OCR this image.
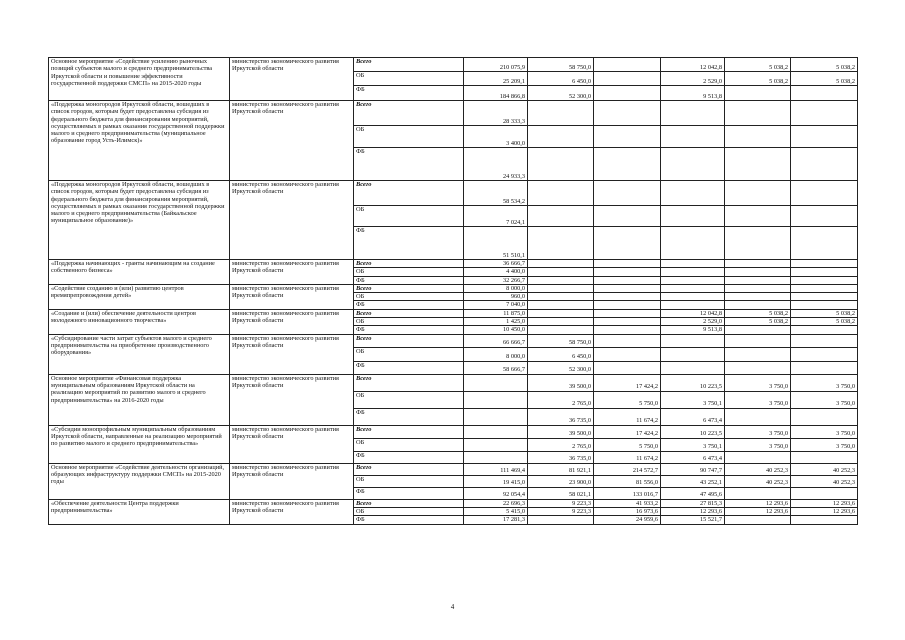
Основное мероприятие «Содействие усилению рыночных позиций субъектов малого и среднего предпринимательства Иркутской области и повышение эффективности государственной поддержки СМСП» на 2015-2020 годы	министерство экономического развития Иркутской области	Всего	210 075,9	58 750,0		12 042,8	5 038,2	5 038,2
		ОБ	25 209,1	6 450,0		2 529,0	5 038,2	5 038,2
		ФБ	184 866,8	52 300,0		9 513,8		
«Поддержка моногородов Иркутской области, вошедших в список городов, которым будет предоставлена субсидия из федерального бюджета для финансирования мероприятий, осуществляемых в рамках оказания государственной поддержки малого и среднего предпринимательства (муниципальное образование город Усть-Илимск)»	министерство экономического развития Иркутской области	Всего	28 333,3					
		ОБ	3 400,0					
		ФБ	24 933,3					
«Поддержка моногородов Иркутской области, вошедших в список городов, которым будет предоставлена субсидия из федерального бюджета для финансирования мероприятий, осуществляемых в рамках оказания государственной поддержки малого и среднего предпринимательства (Байкальское муниципальное образование)»	министерство экономического развития Иркутской области	Всего	58 534,2					
		ОБ	7 024,1					
		ФБ	51 510,1					
«Поддержка начинающих - гранты начинающим на создание собственного бизнеса»	министерство экономического развития Иркутской области	Всего	36 666,7					
		ОБ	4 400,0					
		ФБ	32 266,7					
«Содействие созданию и (или) развитию центров времяпрепровождения детей»	министерство экономического развития Иркутской области	Всего	8 000,0					
		ОБ	960,0					
		ФБ	7 040,0					
«Создание и (или) обеспечение деятельности центров молодежного инновационного творчества»	министерство экономического развития Иркутской области	Всего	11 875,0			12 042,8	5 038,2	5 038,2
		ОБ	1 425,0			2 529,0	5 038,2	5 038,2
		ФБ	10 450,0			9 513,8		
«Субсидирование части затрат субъектов малого и среднего предпринимательства на приобретение производственного оборудования»	министерство экономического развития Иркутской области	Всего	66 666,7	58 750,0				
		ОБ	8 000,0	6 450,0				
		ФБ	58 666,7	52 300,0				
Основное мероприятие «Финансовая поддержка муниципальным образованиям Иркутской области на реализацию мероприятий по развитию малого и среднего предпринимательства» на 2016-2020 годы	министерство экономического развития Иркутской области	Всего		39 500,0	17 424,2	10 223,5	3 750,0	3 750,0
		ОБ		2 765,0	5 750,0	3 750,1	3 750,0	3 750,0
		ФБ		36 735,0	11 674,2	6 473,4		
«Субсидии монопрофильным муниципальным образованиям Иркутской области, направленные на реализацию мероприятий по развитию малого и среднего предпринимательства»	министерство экономического развития Иркутской области	Всего		39 500,0	17 424,2	10 223,5	3 750,0	3 750,0
		ОБ		2 765,0	5 750,0	3 750,1	3 750,0	3 750,0
		ФБ		36 735,0	11 674,2	6 473,4		
Основное мероприятие «Содействие деятельности организаций, образующих инфраструктуру поддержки СМСП» на 2015-2020 годы	министерство экономического развития Иркутской области	Всего	111 469,4	81 921,1	214 572,7	90 747,7	40 252,3	40 252,3
		ОБ	19 415,0	23 900,0	81 556,0	43 252,1	40 252,3	40 252,3
		ФБ	92 054,4	58 021,1	133 016,7	47 495,6		
«Обеспечение деятельности Центра поддержки предпринимательства»	министерство экономического развития Иркутской области	Всего	22 696,3	9 223,3	41 933,2	27 815,3	12 293,6	12 293,6
		ОБ	5 415,0	9 223,3	16 973,6	12 293,6	12 293,6	12 293,6
		ФБ	17 281,3		24 959,6	15 521,7		
4
